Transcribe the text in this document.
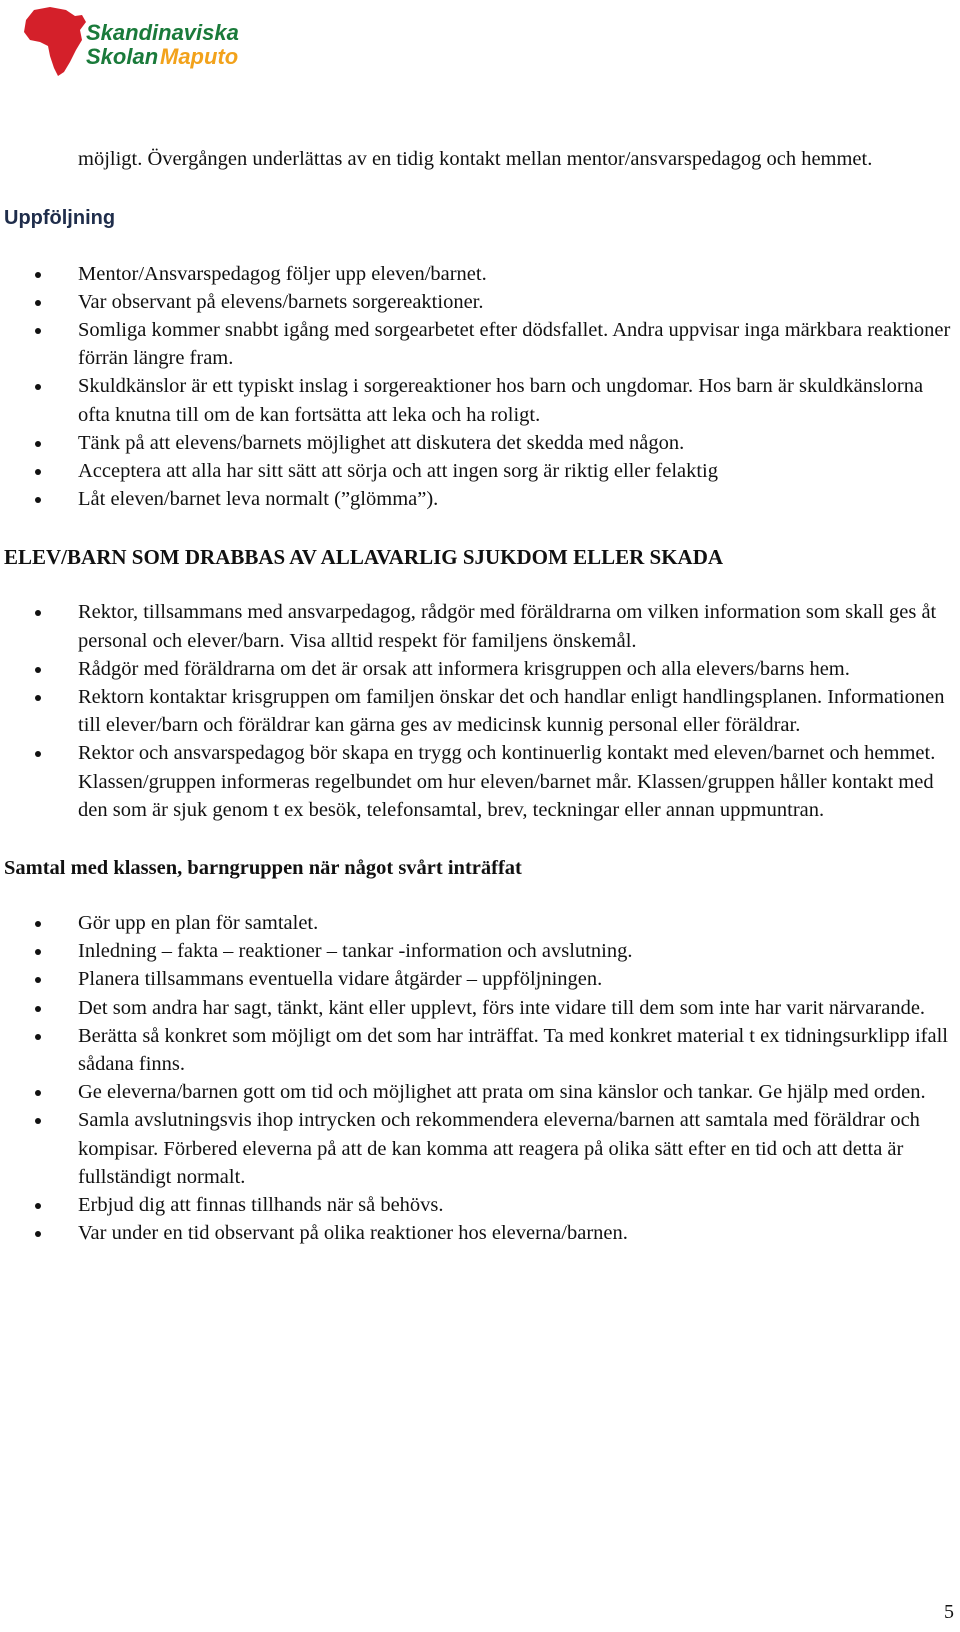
Skandinaviska
Skolan Maputo

möjligt. Övergången underlättas av en tidig kontakt mellan mentor/ansvarspedagog och hemmet.

Uppföljning
Mentor/Ansvarspedagog följer upp eleven/barnet.
Var observant på elevens/barnets sorgereaktioner.
Somliga kommer snabbt igång med sorgearbetet efter dödsfallet. Andra uppvisar inga märkbara reaktioner förrän längre fram.
Skuldkänslor är ett typiskt inslag i sorgereaktioner hos barn och ungdomar. Hos barn är skuldkänslorna ofta knutna till om de kan fortsätta att leka och ha roligt.
Tänk på att elevens/barnets möjlighet att diskutera det skedda med någon.
Acceptera att alla har sitt sätt att sörja och att ingen sorg är riktig eller felaktig
Låt eleven/barnet leva normalt (”glömma”).
ELEV/BARN SOM DRABBAS AV ALLAVARLIG SJUKDOM ELLER SKADA
Rektor, tillsammans med ansvarpedagog, rådgör med föräldrarna om vilken information som skall ges åt personal och elever/barn. Visa alltid respekt för familjens önskemål.
Rådgör med föräldrarna om det är orsak att informera krisgruppen och alla elevers/barns hem.
Rektorn kontaktar krisgruppen om familjen önskar det och handlar enligt handlingsplanen. Informationen till elever/barn och föräldrar kan gärna ges av medicinsk kunnig personal eller föräldrar.
Rektor och ansvarspedagog bör skapa en trygg och kontinuerlig kontakt med eleven/barnet och hemmet. Klassen/gruppen informeras regelbundet om hur eleven/barnet mår. Klassen/gruppen håller kontakt med den som är sjuk genom t ex besök, telefonsamtal, brev, teckningar eller annan uppmuntran.
Samtal med klassen, barngruppen när något svårt inträffat
Gör upp en plan för samtalet.
Inledning – fakta – reaktioner – tankar -information och avslutning.
Planera tillsammans eventuella vidare åtgärder – uppföljningen.
Det som andra har sagt, tänkt, känt eller upplevt, förs inte vidare till dem som inte har varit närvarande.
Berätta så konkret som möjligt om det som har inträffat. Ta med konkret material t ex tidningsurklipp ifall sådana finns.
Ge eleverna/barnen gott om tid och möjlighet att prata om sina känslor och tankar. Ge hjälp med orden.
Samla avslutningsvis ihop intrycken och rekommendera eleverna/barnen att samtala med föräldrar och kompisar. Förbered eleverna på att de kan komma att reagera på olika sätt efter en tid och att detta är fullständigt normalt.
Erbjud dig att finnas tillhands när så behövs.
Var under en tid observant på olika reaktioner hos eleverna/barnen.
5
